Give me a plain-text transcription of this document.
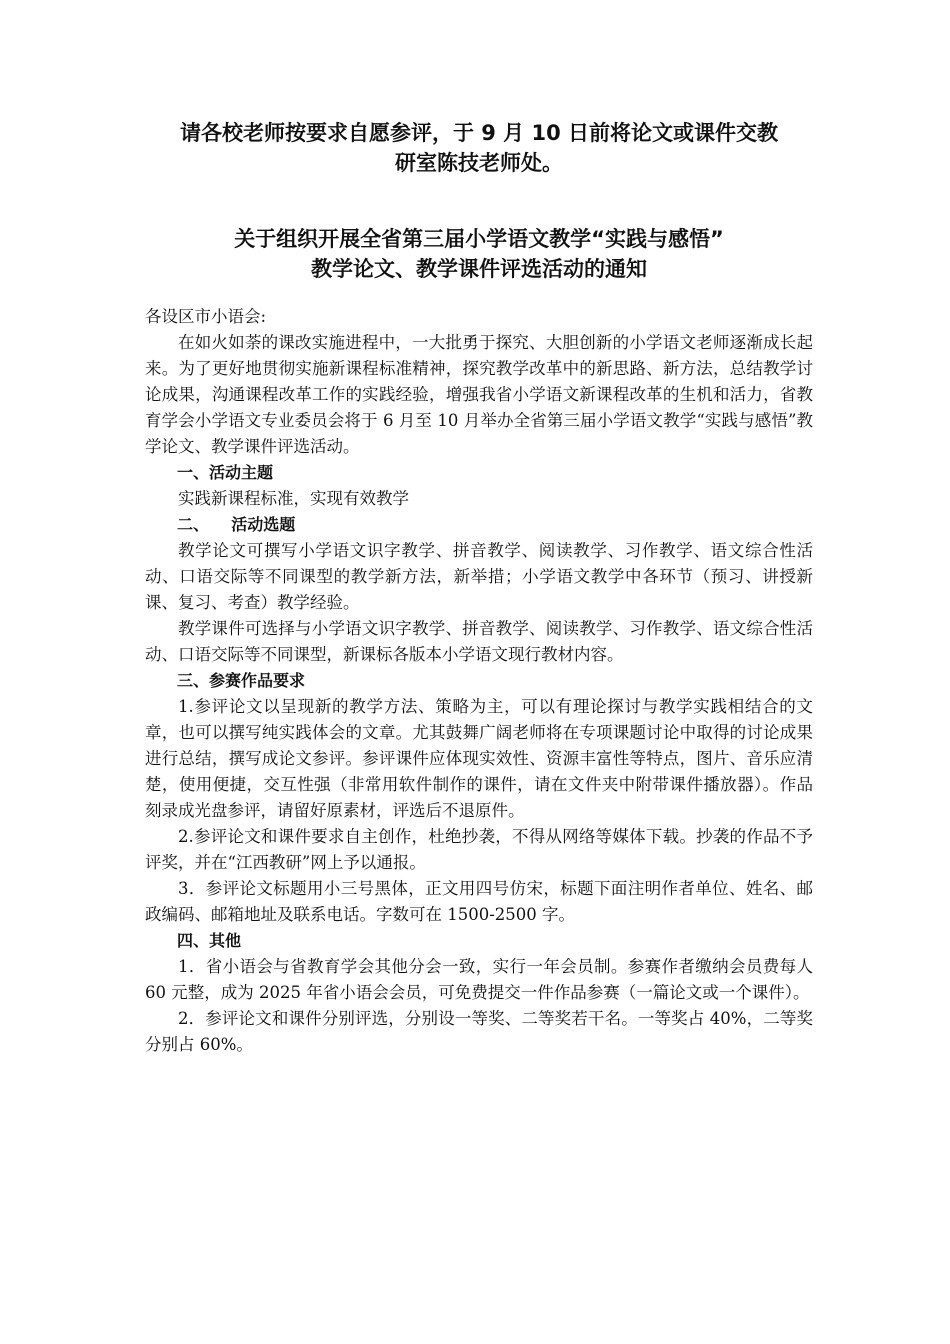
请各校老师按要求自愿参评，于 9 月 10 日前将论文或课件交教
研室陈技老师处。
关于组织开展全省第三届小学语文教学“实践与感悟”
教学论文、教学课件评选活动的通知

各设区市小语会:

在如火如荼的课改实施进程中，一大批勇于探究、大胆创新的小学语文老师逐渐成长起来。为了更好地贯彻实施新课程标准精神，探究教学改革中的新思路、新方法，总结教学讨论成果，沟通课程改革工作的实践经验，增强我省小学语文新课程改革的生机和活力，省教育学会小学语文专业委员会将于 6 月至 10 月举办全省第三届小学语文教学“实践与感悟”教学论文、教学课件评选活动。

一、活动主题

实践新课程标准，实现有效教学

二、    活动选题

教学论文可撰写小学语文识字教学、拼音教学、阅读教学、习作教学、语文综合性活动、口语交际等不同课型的教学新方法，新举措；小学语文教学中各环节（预习、讲授新课、复习、考查）教学经验。

教学课件可选择与小学语文识字教学、拼音教学、阅读教学、习作教学、语文综合性活动、口语交际等不同课型，新课标各版本小学语文现行教材内容。

三、参赛作品要求

1.参评论文以呈现新的教学方法、策略为主，可以有理论探讨与教学实践相结合的文章，也可以撰写纯实践体会的文章。尤其鼓舞广阔老师将在专项课题讨论中取得的讨论成果进行总结，撰写成论文参评。参评课件应体现实效性、资源丰富性等特点，图片、音乐应清楚，使用便捷，交互性强（非常用软件制作的课件，请在文件夹中附带课件播放器）。作品刻录成光盘参评，请留好原素材，评选后不退原件。

2.参评论文和课件要求自主创作，杜绝抄袭，不得从网络等媒体下载。抄袭的作品不予评奖，并在“江西教研”网上予以通报。

3．参评论文标题用小三号黑体，正文用四号仿宋，标题下面注明作者单位、姓名、邮政编码、邮箱地址及联系电话。字数可在 1500-2500 字。

四、其他

1．省小语会与省教育学会其他分会一致，实行一年会员制。参赛作者缴纳会员费每人 60 元整，成为 2025 年省小语会会员，可免费提交一件作品参赛（一篇论文或一个课件）。

2．参评论文和课件分别评选，分别设一等奖、二等奖若干名。一等奖占 40%，二等奖分别占 60%。
